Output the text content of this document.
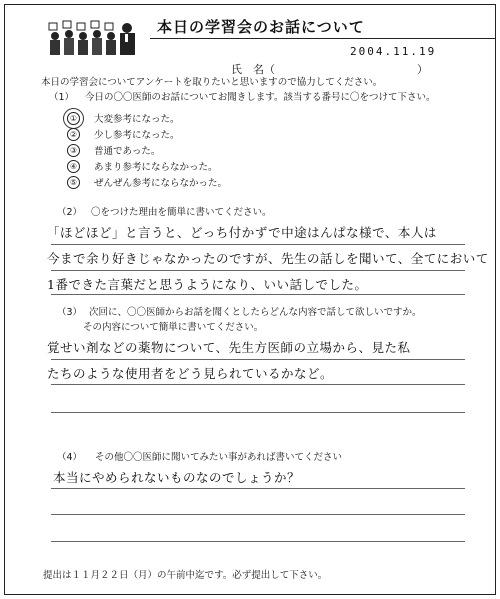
本日の学習会のお話について
2004.11.19
氏　名（	）
本日の学習会についてアンケートを取りたいと思いますので協力してください。
（1） 今日の〇〇医師のお話についてお聞きします。該当する番号に〇をつけて下さい。
①	大変参考になった。
②	少し参考になった。
③	普通であった。
④	あまり参考にならなかった。
⑤	ぜんぜん参考にならなかった。
（2） 〇をつけた理由を簡単に書いてください。
「ほどほど」と言うと、どっち付かずで中途はんぱな様で、本人は
今まで余り好きじゃなかったのですが、先生の話しを聞いて、全てにおいて
1番できた言葉だと思うようになり、いい話しでした。
（3） 次回に、〇〇医師からお話を聞くとしたらどんな内容で話して欲しいですか。
その内容について簡単に書いてください。
覚せい剤などの薬物について、先生方医師の立場から、見た私
たちのような使用者をどう見られているかなど。
（4） その他〇〇医師に聞いてみたい事があれば書いてください
本当にやめられないものなのでしょうか？
提出は１１月２２日（月）の午前中迄です。必ず提出して下さい。
